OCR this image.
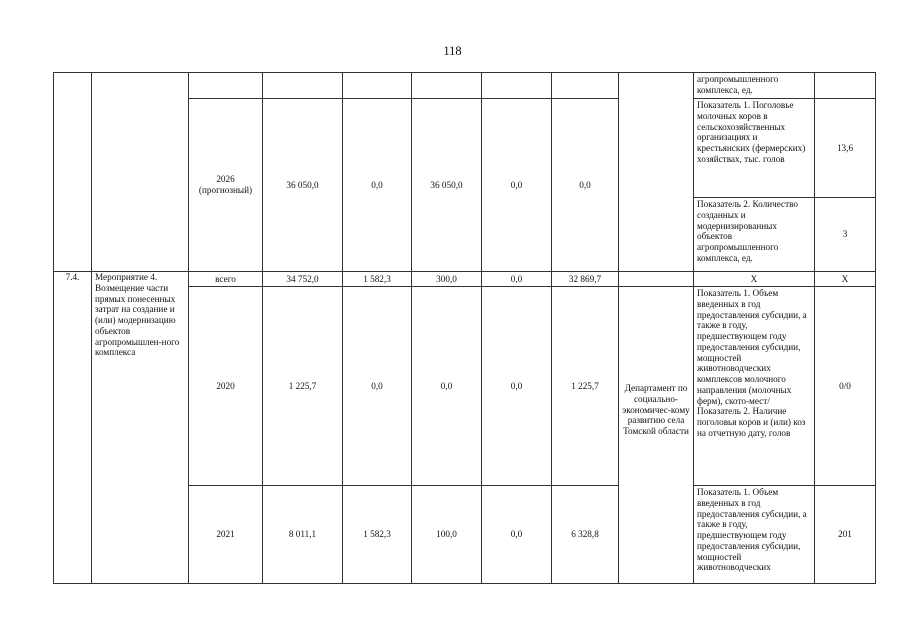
118
									агропромышленного комплекса, ед.	
		2026 (прогнозный)	36 050,0	0,0	36 050,0	0,0	0,0		Показатель 1. Поголовье молочных коров в сельскохозяйственных организациях и крестьянских (фермерских) хозяйствах, тыс. голов	13,6
									Показатель 2. Количество созданных и модернизированных объектов агропромышленного комплекса, ед.	3
7.4.	Мероприятие 4. Возмещение части прямых понесенных затрат на создание и (или) модернизацию объектов агропромышлен-ного комплекса	всего	34 752,0	1 582,3	300,0	0,0	32 869,7		X	X
		2020	1 225,7	0,0	0,0	0,0	1 225,7	Департамент по социально-экономичес-кому развитию села Томской области	Показатель 1. Объем введенных в год предоставления субсидии, а также в году, предшествующем году предоставления субсидии, мощностей животноводческих комплексов молочного направления (молочных ферм), ското-мест/ Показатель 2. Наличие поголовья коров и (или) коз на отчетную дату, голов	0/0
		2021	8 011,1	1 582,3	100,0	0,0	6 328,8		Показатель 1. Объем введенных в год предоставления субсидии, а также в году, предшествующем году предоставления субсидии, мощностей животноводческих	201
